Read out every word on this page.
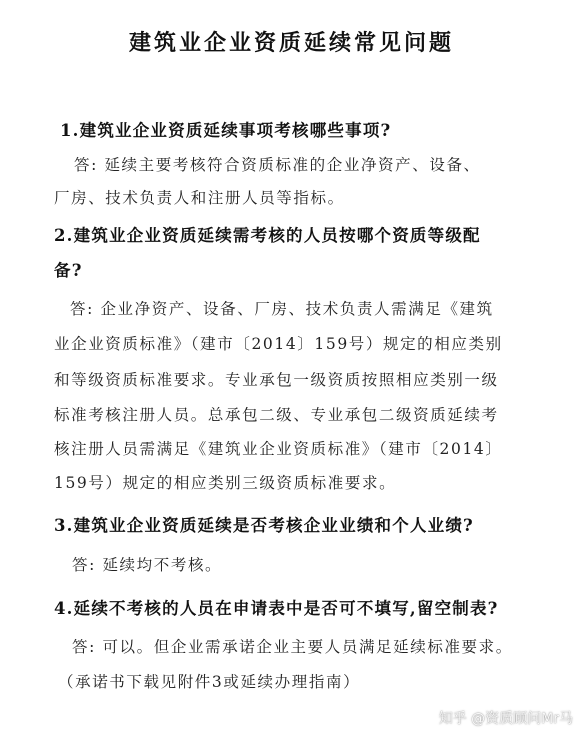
建筑业企业资质延续常见问题
1.建筑业企业资质延续事项考核哪些事项?
答: 延续主要考核符合资质标准的企业净资产、设备、
厂房、技术负责人和注册人员等指标。
2.建筑业企业资质延续需考核的人员按哪个资质等级配
备?
答: 企业净资产、设备、厂房、技术负责人需满足《建筑
业企业资质标准》（建市〔2014〕159号）规定的相应类别
和等级资质标准要求。专业承包一级资质按照相应类别一级
标准考核注册人员。总承包二级、专业承包二级资质延续考
核注册人员需满足《建筑业企业资质标准》（建市〔2014〕
159号）规定的相应类别三级资质标准要求。
3.建筑业企业资质延续是否考核企业业绩和个人业绩?
答: 延续均不考核。
4.延续不考核的人员在申请表中是否可不填写,留空制表?
答: 可以。但企业需承诺企业主要人员满足延续标准要求。
（承诺书下载见附件3或延续办理指南）
知乎 @资质顾问Mr马
